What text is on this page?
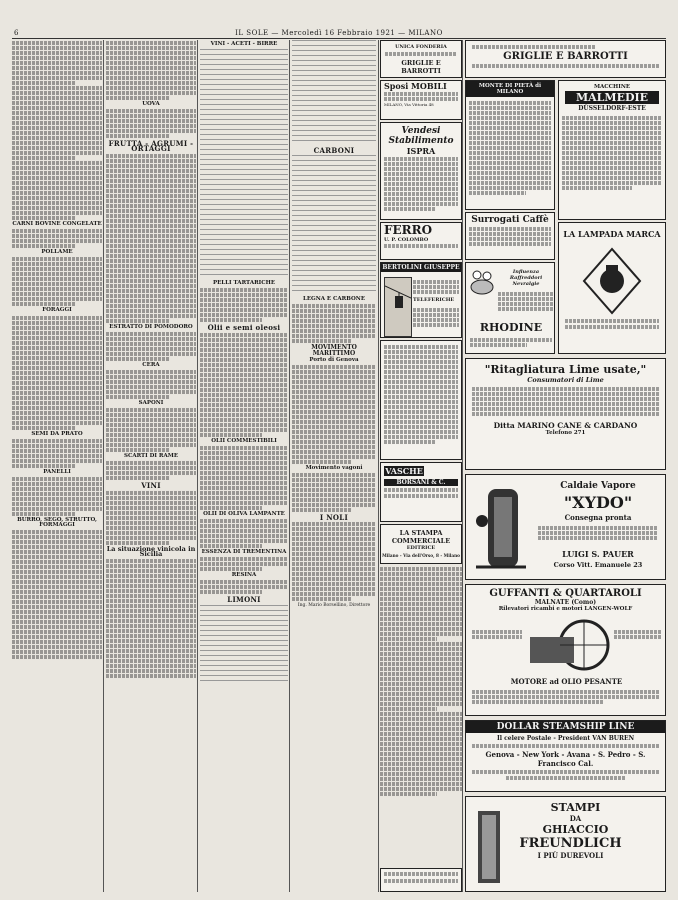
6	IL SOLE — Mercoledì 16 Febbraio 1921 — MILANO
CARNI BOVINE CONGELATE
POLLAME
FORAGGI
SEMI DA PRATO
PANELLI
BURRO, SEGO, STRUTTO, FORMAGGI
UOVA
FRUTTA - AGRUMI - ORTAGGI
ESTRATTO DI POMODORO
CERA
SAPONI
SCARTI DI RAME
VINI
La situazione vinicola in Sicilia
VINI - ACETI - BIRRE

PELLI TARTARICHE
Olii e semi oleosi
OLII COMMESTIBILI
OLII DI OLIVA LAMPANTE
ESSENZA DI TREMENTINA
RESINA
LIMONI

CARBONI

LEGNA E CARBONE
MOVIMENTO MARITTIMO
Porto di Genova
Movimento vagoni
I NOLI

Ing. Mario Borsellino, Direttore

UNICA FONDERIA
GRIGLIE E BARROTTI
Sposi MOBILI
MILANO, Via Vittoria 48
Vendesi Stabilimento
ISPRA
FERRO
U. P. COLOMBO
BERTOLINI GIUSEPPE
TELEFERICHE
VASCHE
BORSANI & C.
LA STAMPA COMMERCIALE
EDITRICE
Milano - Via dell'Orso, 8 - Milano
MONTE DI PIETÀ di MILANO
Surrogati Caffè
Influenza Raffreddori Nevralgie
RHODINE
MACCHINE
MALMEDIE
DÜSSELDORF-ESTE
LA LAMPADA MARCA
GRIGLIE E BARROTTI
"Ritagliatura Lime usate,"
Consumatori di Lime
Ditta MARINO CANE & CARDANO
Telefono 271
Caldaie Vapore
"XYDO"
Consegna pronta
LUIGI S. PAUER
Corso Vitt. Emanuele 23
GUFFANTI & QUARTAROLI
MALNATE (Como)
Rilevatori ricambi e motori LANGEN-WOLF
MOTORE ad OLIO PESANTE
DOLLAR STEAMSHIP LINE
Il celere Postale - President VAN BUREN
Genova - New York - Avana - S. Pedro - S. Francisco Cal.
STAMPI
DA
GHIACCIO
FREUNDLICH
I PIÙ DUREVOLI
